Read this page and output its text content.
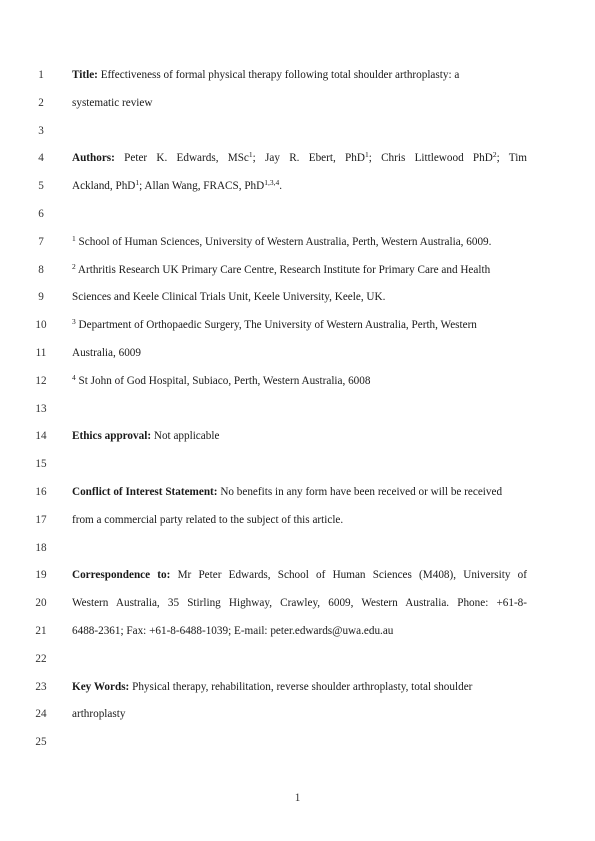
1	Title: Effectiveness of formal physical therapy following total shoulder arthroplasty: a
2	systematic review
3
4	Authors: Peter K. Edwards, MSc$^1$; Jay R. Ebert, PhD$^1$; Chris Littlewood PhD$^2$; Tim
5	Ackland, PhD$^1$; Allan Wang, FRACS, PhD$^{1,3,4}$.
6
7	$^1$ School of Human Sciences, University of Western Australia, Perth, Western Australia, 6009.
8	$^2$ Arthritis Research UK Primary Care Centre, Research Institute for Primary Care and Health
9	Sciences and Keele Clinical Trials Unit, Keele University, Keele, UK.
10	$^3$ Department of Orthopaedic Surgery, The University of Western Australia, Perth, Western
11	Australia, 6009
12	$^4$ St John of God Hospital, Subiaco, Perth, Western Australia, 6008
13
14	Ethics approval: Not applicable
15
16	Conflict of Interest Statement: No benefits in any form have been received or will be received
17	from a commercial party related to the subject of this article.
18
19	Correspondence to: Mr Peter Edwards, School of Human Sciences (M408), University of
20	Western Australia, 35 Stirling Highway, Crawley, 6009, Western Australia. Phone: +61-8-
21	6488-2361; Fax: +61-8-6488-1039; E-mail: peter.edwards@uwa.edu.au
22
23	Key Words: Physical therapy, rehabilitation, reverse shoulder arthroplasty, total shoulder
24	arthroplasty
25
1
